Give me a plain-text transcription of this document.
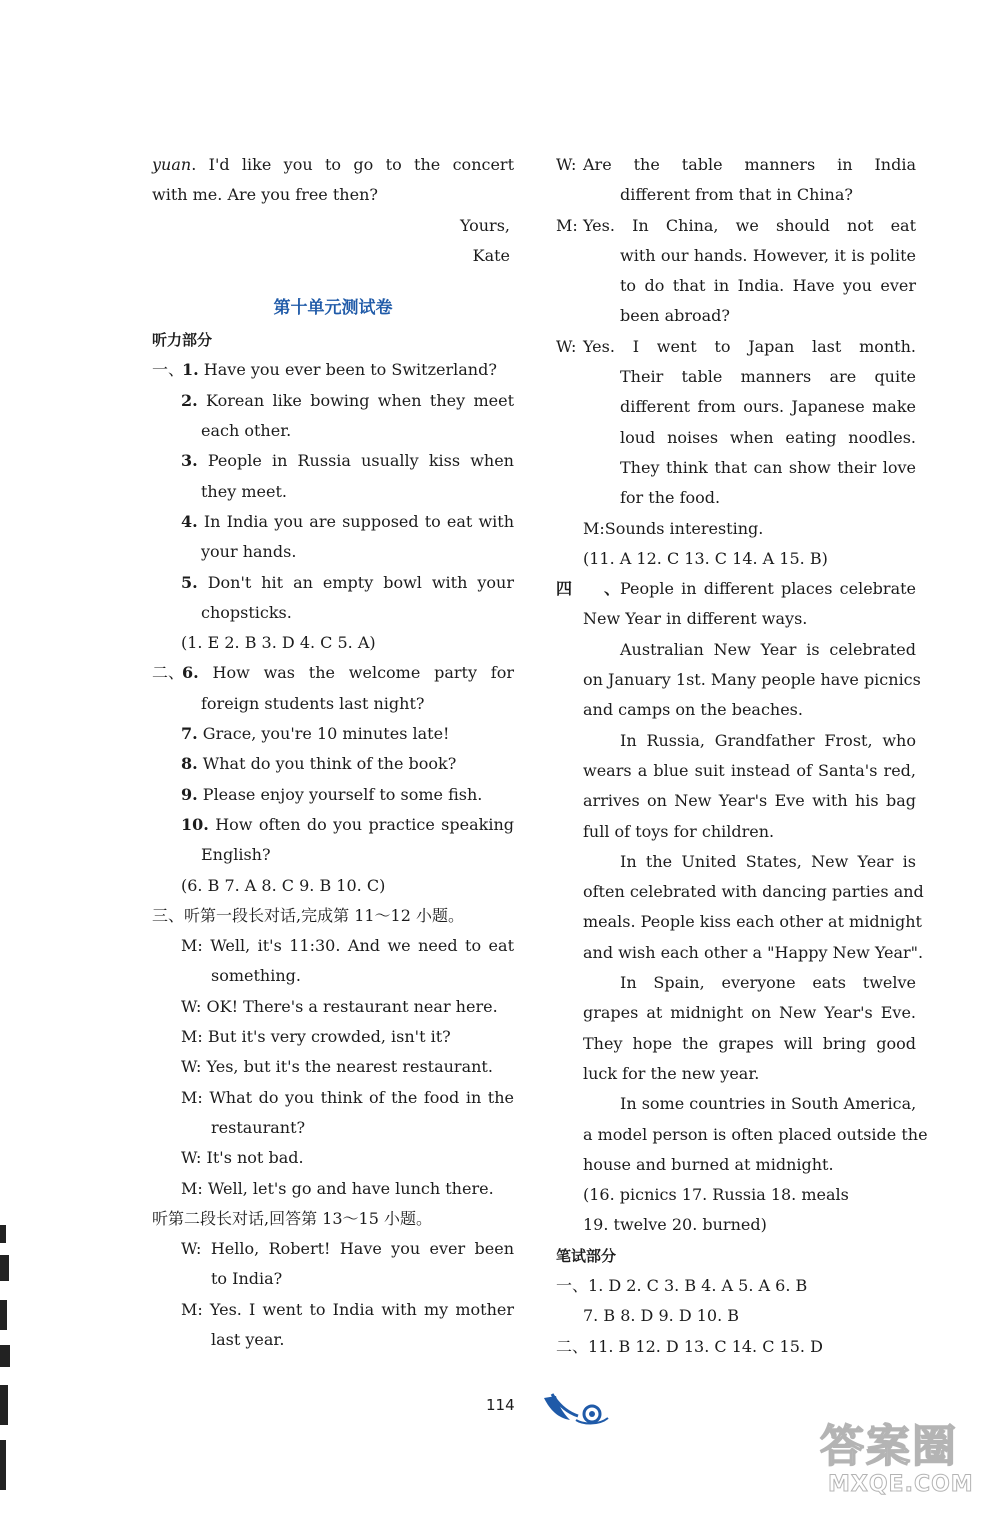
yuan. I'd like you to go to the concert
with me. Are you free then?
Yours,
Kate
第十单元测试卷
听力部分
一、1. Have you ever been to Switzerland?
2. Korean like bowing when they meet
each other.
3. People in Russia usually kiss when
they meet.
4. In India you are supposed to eat with
your hands.
5. Don't hit an empty bowl with your
chopsticks.
(1. E 2. B 3. D 4. C 5. A)
二、6. How was the welcome party for
foreign students last night?
7. Grace, you're 10 minutes late!
8. What do you think of the book?
9. Please enjoy yourself to some fish.
10. How often do you practice speaking
English?
(6. B 7. A 8. C 9. B 10. C)
三、听第一段长对话,完成第 11～12 小题。
M: Well, it's 11:30. And we need to eat
something.
W: OK! There's a restaurant near here.
M: But it's very crowded, isn't it?
W: Yes, but it's the nearest restaurant.
M: What do you think of the food in the
restaurant?
W: It's not bad.
M: Well, let's go and have lunch there.
听第二段长对话,回答第 13～15 小题。
W: Hello, Robert! Have you ever been
to India?
M: Yes. I went to India with my mother
last year.
W: Are the table manners in India
different from that in China?
M: Yes. In China, we should not eat
with our hands. However, it is polite
to do that in India. Have you ever
been abroad?
W: Yes. I went to Japan last month.
Their table manners are quite
different from ours. Japanese make
loud noises when eating noodles.
They think that can show their love
for the food.
M:Sounds interesting.
(11. A 12. C 13. C 14. A 15. B)
四、People in different places celebrate
New Year in different ways.
Australian New Year is celebrated
on January 1st. Many people have picnics
and camps on the beaches.
In Russia, Grandfather Frost, who
wears a blue suit instead of Santa's red,
arrives on New Year's Eve with his bag
full of toys for children.
In the United States, New Year is
often celebrated with dancing parties and
meals. People kiss each other at midnight
and wish each other a "Happy New Year".
In Spain, everyone eats twelve
grapes at midnight on New Year's Eve.
They hope the grapes will bring good
luck for the new year.
In some countries in South America,
a model person is often placed outside the
house and burned at midnight.
(16. picnics 17. Russia 18. meals
19. twelve 20. burned)
笔试部分
一、1. D 2. C 3. B 4. A 5. A 6. B
7. B 8. D 9. D 10. B
二、11. B 12. D 13. C 14. C 15. D
114
答案圈
MXQE.COM
